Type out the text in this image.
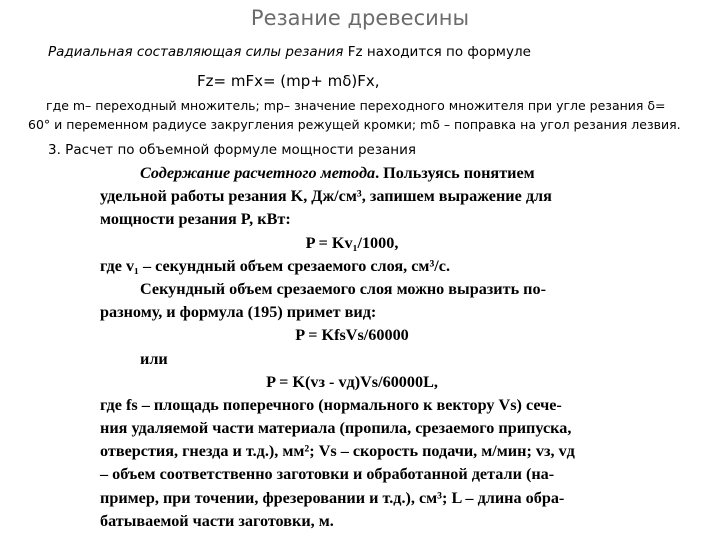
Резание древесины
Радиальная составляющая силы резания Fz находится по формуле
Fz= mFx= (mp+ mδ)Fx,
где m– переходный множитель; mp– значение переходного множителя при угле резания δ=
60° и переменном радиусе закругления режущей кромки; mδ – поправка на угол резания лезвия.
3. Расчет по объемной формуле мощности резания
Содержание расчетного метода. Пользуясь понятием
удельной работы резания K, Дж/см³, запишем выражение для
мощности резания P, кВт:
P = Kv₁/1000,
где v₁ – секундный объем срезаемого слоя, см³/с.
Секундный объем срезаемого слоя можно выразить по-
разному, и формула (195) примет вид:
P = KfsVs/60000
или
P = K(vз - vд)Vs/60000L,
где fs – площадь поперечного (нормального к вектору Vs) сече-
ния удаляемой части материала (пропила, срезаемого припуска,
отверстия, гнезда и т.д.), мм²; Vs – скорость подачи, м/мин; vз, vд
– объем соответственно заготовки и обработанной детали (на-
пример, при точении, фрезеровании и т.д.), см³; L – длина обра-
батываемой части заготовки, м.
